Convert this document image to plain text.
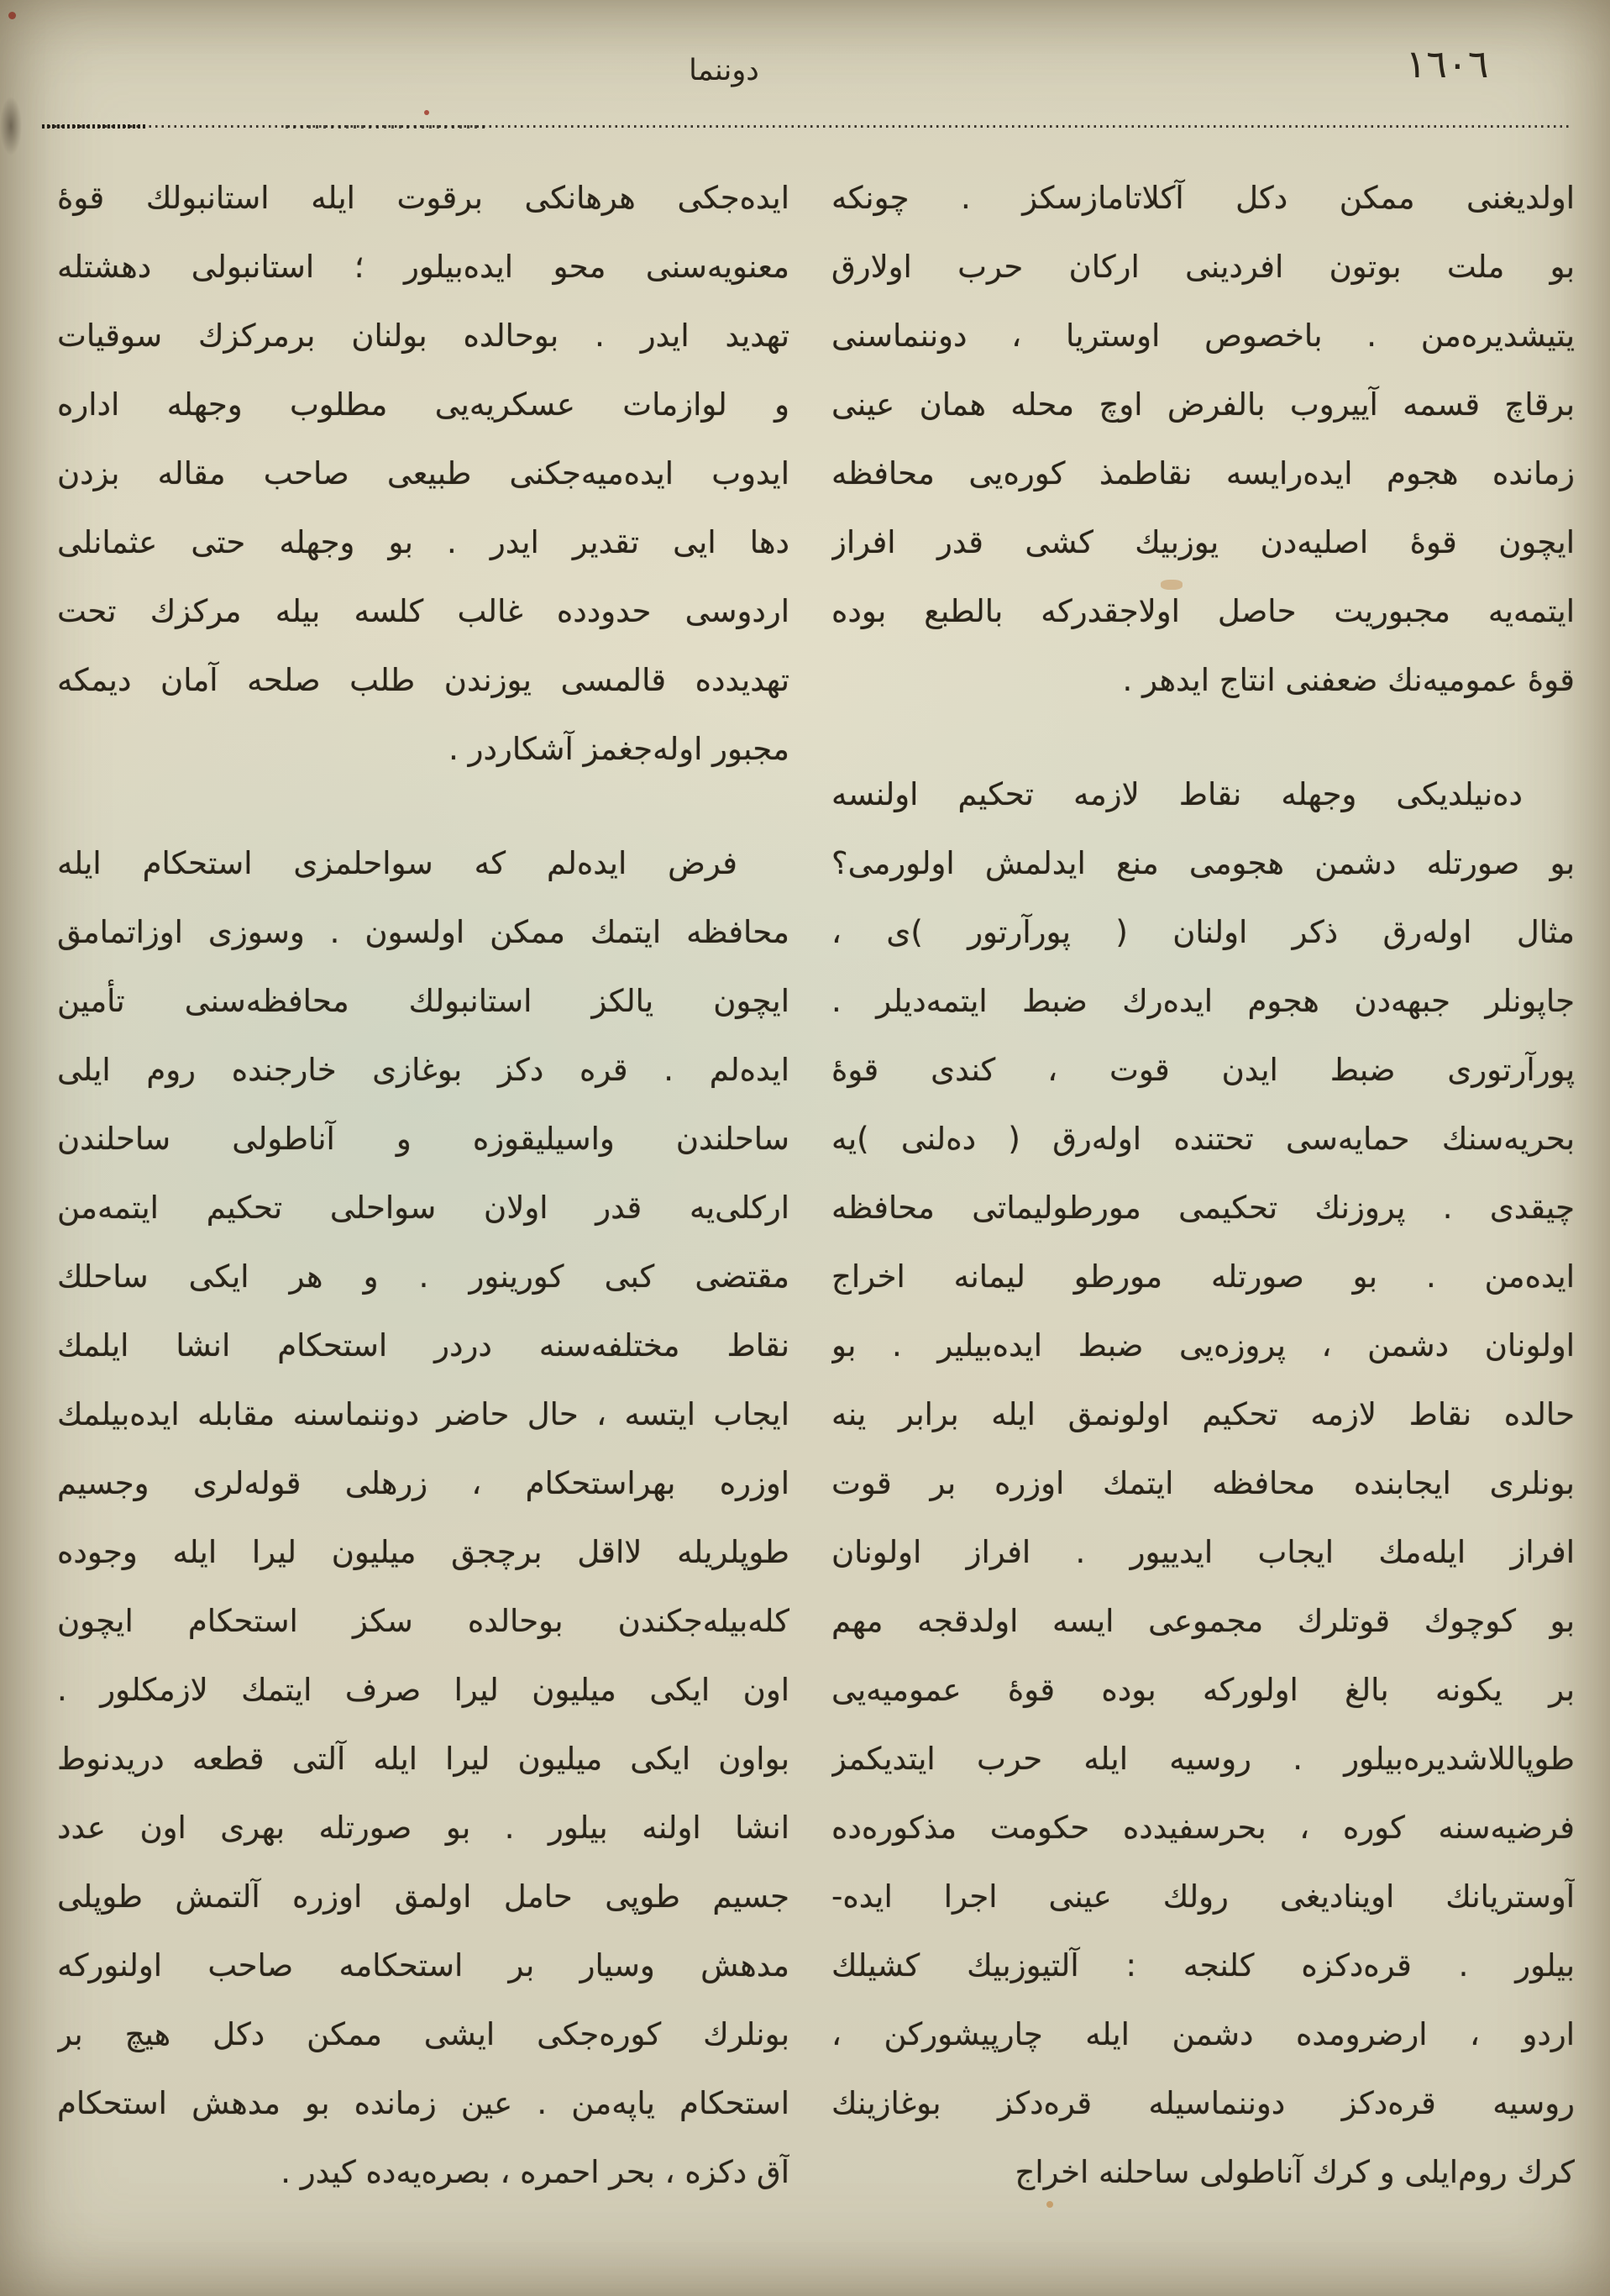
١٦٠٦
دوننما
اولديغنى ممكن دكل آكلاتامازسكز . چونكه
بو ملت بوتون افردينى اركان حرب اولارق
يتيشديره‌من . باخصوص اوستريا ، دوننماسنى
برقاچ قسمه آييروب بالفرض اوچ محله همان عينى
زمانده هجوم ايده‌رايسه نقاطمذ كوره‌يى محافظه
ايچون قوهٔ اصليه‌دن يوزبيك كشى قدر افراز
ايتمه‌يه مجبوريت حاصل اولاجقدركه بالطبع بوده
قوهٔ عموميه‌نك ضعفنى انتاج ايدهر .
ده‌نيلديكى وجهله نقاط لازمه تحكيم اولنسه
بو صورتله دشمن هجومى منع ايدلمش اولورمى؟
مثال اوله‌رق ذكر اولنان ( پورآرتور )ى ،
جاپونلر جبهه‌دن هجوم ايده‌رك ضبط ايتمه‌ديلر .
پورآرتورى ضبط ايدن قوت ، كندى قوهٔ
بحريه‌سنك حمايه‌سى تحتنده اوله‌رق ( ده‌لنى )يه
چيقدى . پروزنك تحكيمى مورطوليماتى محافظه
ايده‌من . بو صورتله مورطو ليمانه اخراج
اولونان دشمن ، پروزه‌يى ضبط ايده‌بيلير . بو
حالده نقاط لازمه تحكيم اولونمق ايله برابر ينه
بونلرى ايجابنده محافظه ايتمك اوزره بر قوت
افراز ايله‌مك ايجاب ايدييور . افراز اولونان
بو كوچوك قوتلرك مجموعى ايسه اولدقجه مهم
بر يكونه بالغ اولوركه بوده قوهٔ عموميه‌يى
طوپاللاشديره‌بيلور . روسيه ايله حرب ايتديكمز
فرضيه‌سنه كوره ، بحرسفيدده حكومت مذكوره‌ده
آوستريانك اويناديغى رولك عينى اجرا ايده-
بيلور . قره‌دكزه كلنجه : آلتيوزبيك كشيلك
اردو ، ارضرومده دشمن ايله چارپيشوركن ،
روسيه قره‌دكز دوننماسيله قره‌دكز بوغازينك
كرك روم‌ايلى و كرك آناطولى ساحلنه اخراج
ايده‌جكى هرهانكى برقوت ايله استانبولك قوهٔ
معنويه‌سنى محو ايده‌بيلور ؛ استانبولى دهشتله
تهديد ايدر . بوحالده بولنان برمركزك سوقيات
و لوازمات عسكريه‌يى مطلوب وجهله اداره
ايدوب ايده‌ميه‌جكنى طبيعى صاحب مقاله بزدن
دها ايى تقدير ايدر . بو وجهله حتى عثمانلى
اردوسى حدودده غالب كلسه بيله مركزك تحت
تهديدده قالمسى يوزندن طلب صلحه آمان ديمكه
مجبور اوله‌جغمز آشكاردر .
فرض ايده‌لم كه سواحلمزى استحكام ايله
محافظه ايتمك ممكن اولسون . وسوزى اوزاتمامق
ايچون يالكز استانبولك محافظه‌سنى تأمين
ايده‌لم . قره دكز بوغازى خارجنده روم ايلى
ساحلندن واسيليقوزه و آناطولى ساحلندن
اركلى‌يه قدر اولان سواحلى تحكيم ايتمه‌من
مقتضى كبى كورينور . و هر ايكى ساحلك
نقاط مختلفه‌سنه دردر استحكام انشا ايلمك
ايجاب ايتسه ، حال حاضر دوننماسنه مقابله ايده‌بيلمك
اوزره بهراستحكام ، زرهلى قوله‌لرى وجسيم
طوپلريله لااقل برچجق ميليون ليرا ايله وجوده
كله‌بيله‌جكندن بوحالده سكز استحكام ايچون
اون ايكى ميليون ليرا صرف ايتمك لازمكلور .
بواون ايكى ميليون ليرا ايله آلتى قطعه دريدنوط
انشا اولنه بيلور . بو صورتله بهرى اون عدد
جسيم طوپى حامل اولمق اوزره آلتمش طوپلى
مدهش وسيار بر استحكامه صاحب اولنوركه
بونلرك كوره‌جكى ايشى ممكن دكل هيچ بر
استحكام ياپه‌من . عين زمانده بو مدهش استحكام
آق دكزه ، بحر احمره ، بصره‌يه‌ده كيدر .
